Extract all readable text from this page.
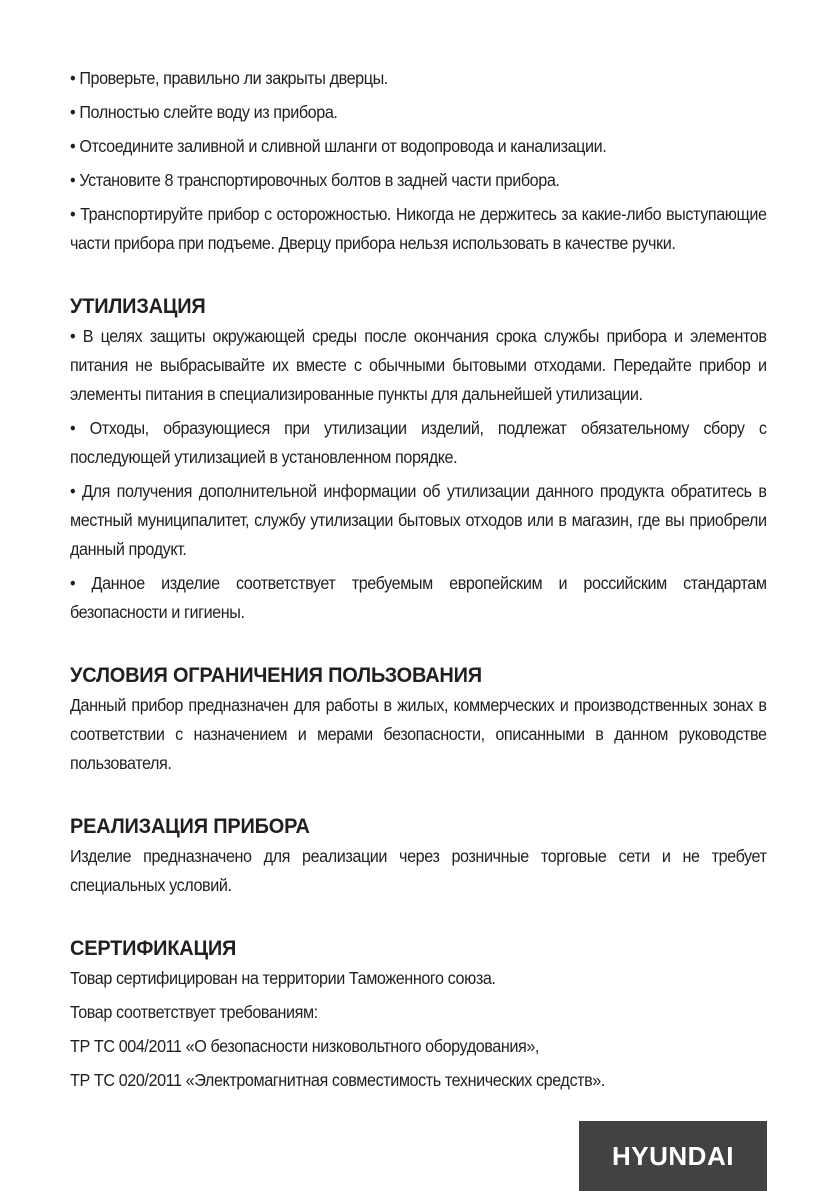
• Проверьте, правильно ли закрыты дверцы.

• Полностью слейте воду из прибора.

• Отсоедините заливной и сливной шланги от водопровода и канализации.

• Установите 8 транспортировочных болтов в задней части прибора.

• Транспортируйте прибор с осторожностью. Никогда не держитесь за какие-либо выступающие части прибора при подъеме. Дверцу прибора нельзя использовать в качестве ручки.

УТИЛИЗАЦИЯ

• В целях защиты окружающей среды после окончания срока службы прибора и элементов питания не выбрасывайте их вместе с обычными бытовыми отходами. Передайте прибор и элементы питания в специализированные пункты для дальнейшей утилизации.

• Отходы, образующиеся при утилизации изделий, подлежат обязательному сбору с последующей утилизацией в установленном порядке.

• Для получения дополнительной информации об утилизации данного продукта обратитесь в местный муниципалитет, службу утилизации бытовых отходов или в магазин, где вы приобрели данный продукт.

• Данное изделие соответствует требуемым европейским и российским стандартам безопасности и гигиены.

УСЛОВИЯ ОГРАНИЧЕНИЯ ПОЛЬЗОВАНИЯ

Данный прибор предназначен для работы в жилых, коммерческих и производственных зонах в соответствии с назначением и мерами безопасности, описанными в данном руководстве пользователя.

РЕАЛИЗАЦИЯ ПРИБОРА

Изделие предназначено для реализации через розничные торговые сети и не требует специальных условий.

СЕРТИФИКАЦИЯ

Товар сертифицирован на территории Таможенного союза.

Товар соответствует требованиям:

ТР ТС 004/2011 «О безопасности низковольтного оборудования»,

ТР ТС 020/2011 «Электромагнитная совместимость технических средств».

HYUNDAI
